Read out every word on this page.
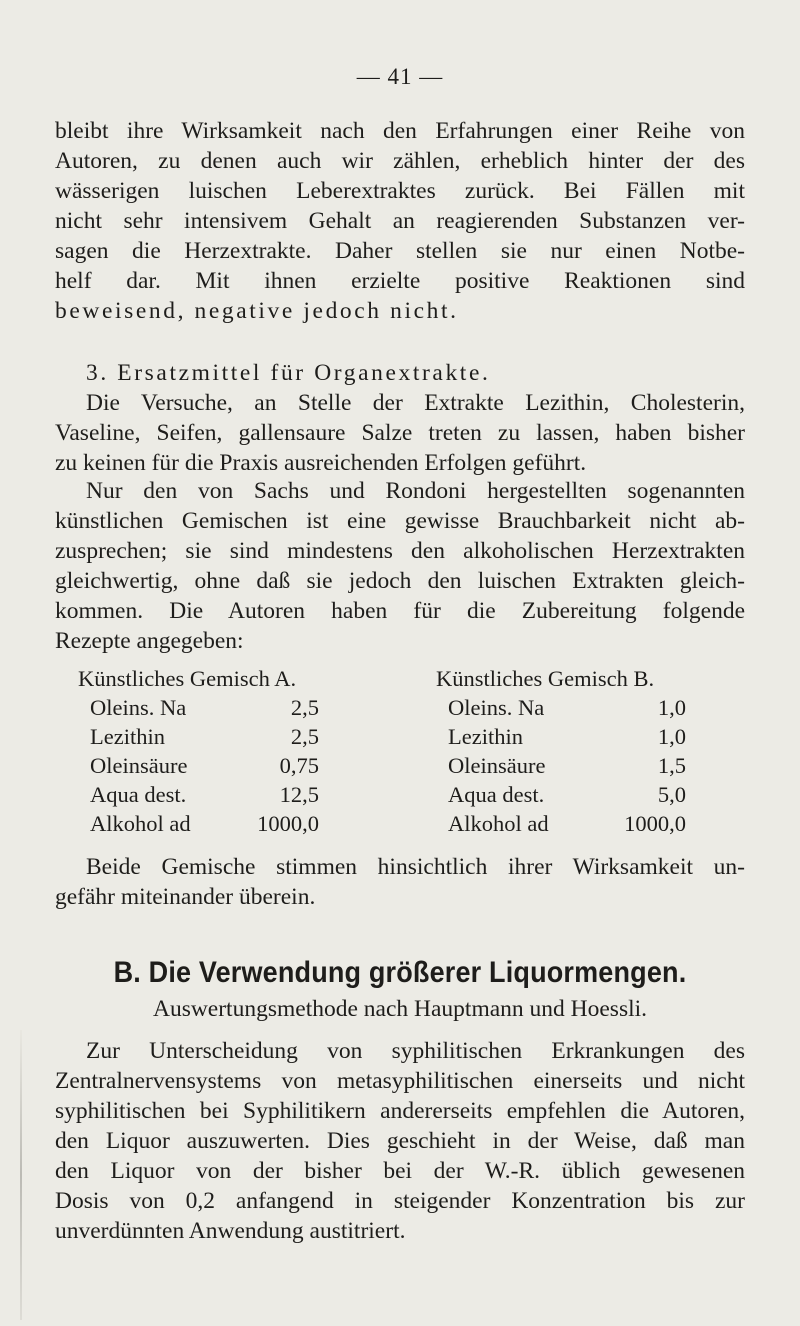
— 41 —
bleibt ihre Wirksamkeit nach den Erfahrungen einer Reihe von
Autoren, zu denen auch wir zählen, erheblich hinter der des
wässerigen luischen Leberextraktes zurück. Bei Fällen mit
nicht sehr intensivem Gehalt an reagierenden Substanzen ver-
sagen die Herzextrakte. Daher stellen sie nur einen Notbe-
helf dar. Mit ihnen erzielte positive Reaktionen sind
beweisend, negative jedoch nicht.
3. Ersatzmittel für Organextrakte.
Die Versuche, an Stelle der Extrakte Lezithin, Cholesterin,
Vaseline, Seifen, gallensaure Salze treten zu lassen, haben bisher
zu keinen für die Praxis ausreichenden Erfolgen geführt.
Nur den von Sachs und Rondoni hergestellten sogenannten
künstlichen Gemischen ist eine gewisse Brauchbarkeit nicht ab-
zusprechen; sie sind mindestens den alkoholischen Herzextrakten
gleichwertig, ohne daß sie jedoch den luischen Extrakten gleich-
kommen. Die Autoren haben für die Zubereitung folgende
Rezepte angegeben:
Künstliches Gemisch A.
Oleins. Na	2,5
Lezithin	2,5
Oleinsäure	0,75
Aqua dest.	12,5
Alkohol ad	1000,0
Künstliches Gemisch B.
Oleins. Na	1,0
Lezithin	1,0
Oleinsäure	1,5
Aqua dest.	5,0
Alkohol ad	1000,0
Beide Gemische stimmen hinsichtlich ihrer Wirksamkeit un-
gefähr miteinander überein.
B. Die Verwendung größerer Liquormengen.
Auswertungsmethode nach Hauptmann und Hoessli.
Zur Unterscheidung von syphilitischen Erkrankungen des
Zentralnervensystems von metasyphilitischen einerseits und nicht
syphilitischen bei Syphilitikern andererseits empfehlen die Autoren,
den Liquor auszuwerten. Dies geschieht in der Weise, daß man
den Liquor von der bisher bei der W.-R. üblich gewesenen
Dosis von 0,2 anfangend in steigender Konzentration bis zur
unverdünnten Anwendung austitriert.
